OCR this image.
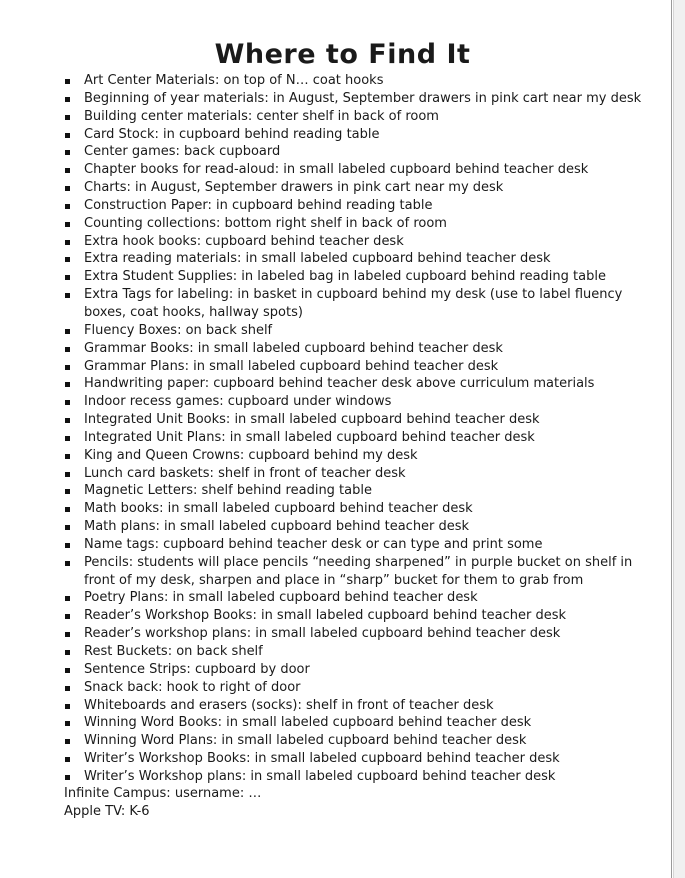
Where to Find It
Art Center Materials: on top of N… coat hooks
Beginning of year materials: in August, September drawers in pink cart near my desk
Building center materials: center shelf in back of room
Card Stock: in cupboard behind reading table
Center games: back cupboard
Chapter books for read-aloud: in small labeled cupboard behind teacher desk
Charts: in August, September drawers in pink cart near my desk
Construction Paper: in cupboard behind reading table
Counting collections: bottom right shelf in back of room
Extra hook books: cupboard behind teacher desk
Extra reading materials: in small labeled cupboard behind teacher desk
Extra Student Supplies: in labeled bag in labeled cupboard behind reading table
Extra Tags for labeling: in basket in cupboard behind my desk (use to label fluency boxes, coat hooks, hallway spots)
Fluency Boxes: on back shelf
Grammar Books: in small labeled cupboard behind teacher desk
Grammar Plans: in small labeled cupboard behind teacher desk
Handwriting paper: cupboard behind teacher desk above curriculum materials
Indoor recess games: cupboard under windows
Integrated Unit Books: in small labeled cupboard behind teacher desk
Integrated Unit Plans: in small labeled cupboard behind teacher desk
King and Queen Crowns: cupboard behind my desk
Lunch card baskets: shelf in front of teacher desk
Magnetic Letters: shelf behind reading table
Math books: in small labeled cupboard behind teacher desk
Math plans: in small labeled cupboard behind teacher desk
Name tags: cupboard behind teacher desk or can type and print some
Pencils: students will place pencils “needing sharpened” in purple bucket on shelf in front of my desk, sharpen and place in “sharp” bucket for them to grab from
Poetry Plans: in small labeled cupboard behind teacher desk
Reader’s Workshop Books: in small labeled cupboard behind teacher desk
Reader’s workshop plans: in small labeled cupboard behind teacher desk
Rest Buckets: on back shelf
Sentence Strips: cupboard by door
Snack back: hook to right of door
Whiteboards and erasers (socks): shelf in front of teacher desk
Winning Word Books: in small labeled cupboard behind teacher desk
Winning Word Plans: in small labeled cupboard behind teacher desk
Writer’s Workshop Books: in small labeled cupboard behind teacher desk
Writer’s Workshop plans: in small labeled cupboard behind teacher desk
Infinite Campus: username: …
Apple TV: K-6
